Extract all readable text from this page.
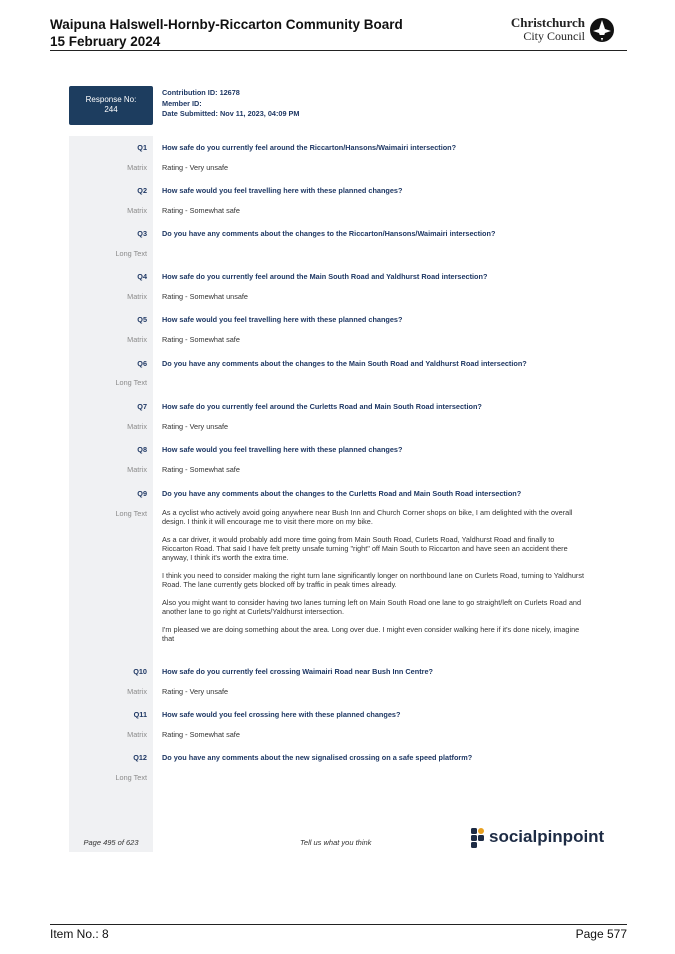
Waipuna Halswell-Hornby-Riccarton Community Board
15 February 2024
Christchurch
City Council
Response No:
244
Contribution ID: 12678
Member ID:
Date Submitted: Nov 11, 2023, 04:09 PM
Q1 How safe do you currently feel around the Riccarton/Hansons/Waimairi intersection?
Matrix Rating - Very unsafe
Q2 How safe would you feel travelling here with these planned changes?
Matrix Rating - Somewhat safe
Q3 Do you have any comments about the changes to the Riccarton/Hansons/Waimairi intersection?
Long Text
Q4 How safe do you currently feel around the Main South Road and Yaldhurst Road intersection?
Matrix Rating - Somewhat unsafe
Q5 How safe would you feel travelling here with these planned changes?
Matrix Rating - Somewhat safe
Q6 Do you have any comments about the changes to the Main South Road and Yaldhurst Road intersection?
Long Text
Q7 How safe do you currently feel around the Curletts Road and Main South Road intersection?
Matrix Rating - Very unsafe
Q8 How safe would you feel travelling here with these planned changes?
Matrix Rating - Somewhat safe
Q9 Do you have any comments about the changes to the Curletts Road and Main South Road intersection?
Long Text As a cyclist who actively avoid going anywhere near Bush Inn and Church Corner shops on bike, I am delighted with the overall design. I think it will encourage me to visit there more on my bike.

As a car driver, it would probably add more time going from Main South Road, Curlets Road, Yaldhurst Road and finally to Riccarton Road. That said I have felt pretty unsafe turning "right" off Main South to Riccarton and have seen an accident there anyway, I think it's worth the extra time.

I think you need to consider making the right turn lane significantly longer on northbound lane on Curlets Road, turning to Yaldhurst Road. The lane currently gets blocked off by traffic in peak times already.

Also you might want to consider having two lanes turning left on Main South Road one lane to go straight/left on Curlets Road and another lane to go right at Curlets/Yaldhurst intersection.

I'm pleased we are doing something about the area. Long over due. I might even consider walking here if it's done nicely, imagine that

Q10 How safe do you currently feel crossing Waimairi Road near Bush Inn Centre?
Matrix Rating - Very unsafe
Q11 How safe would you feel crossing here with these planned changes?
Matrix Rating - Somewhat safe
Q12 Do you have any comments about the new signalised crossing on a safe speed platform?
Long Text
Page 495 of 623	Tell us what you think	socialpinpoint
Item No.: 8	Page 577
